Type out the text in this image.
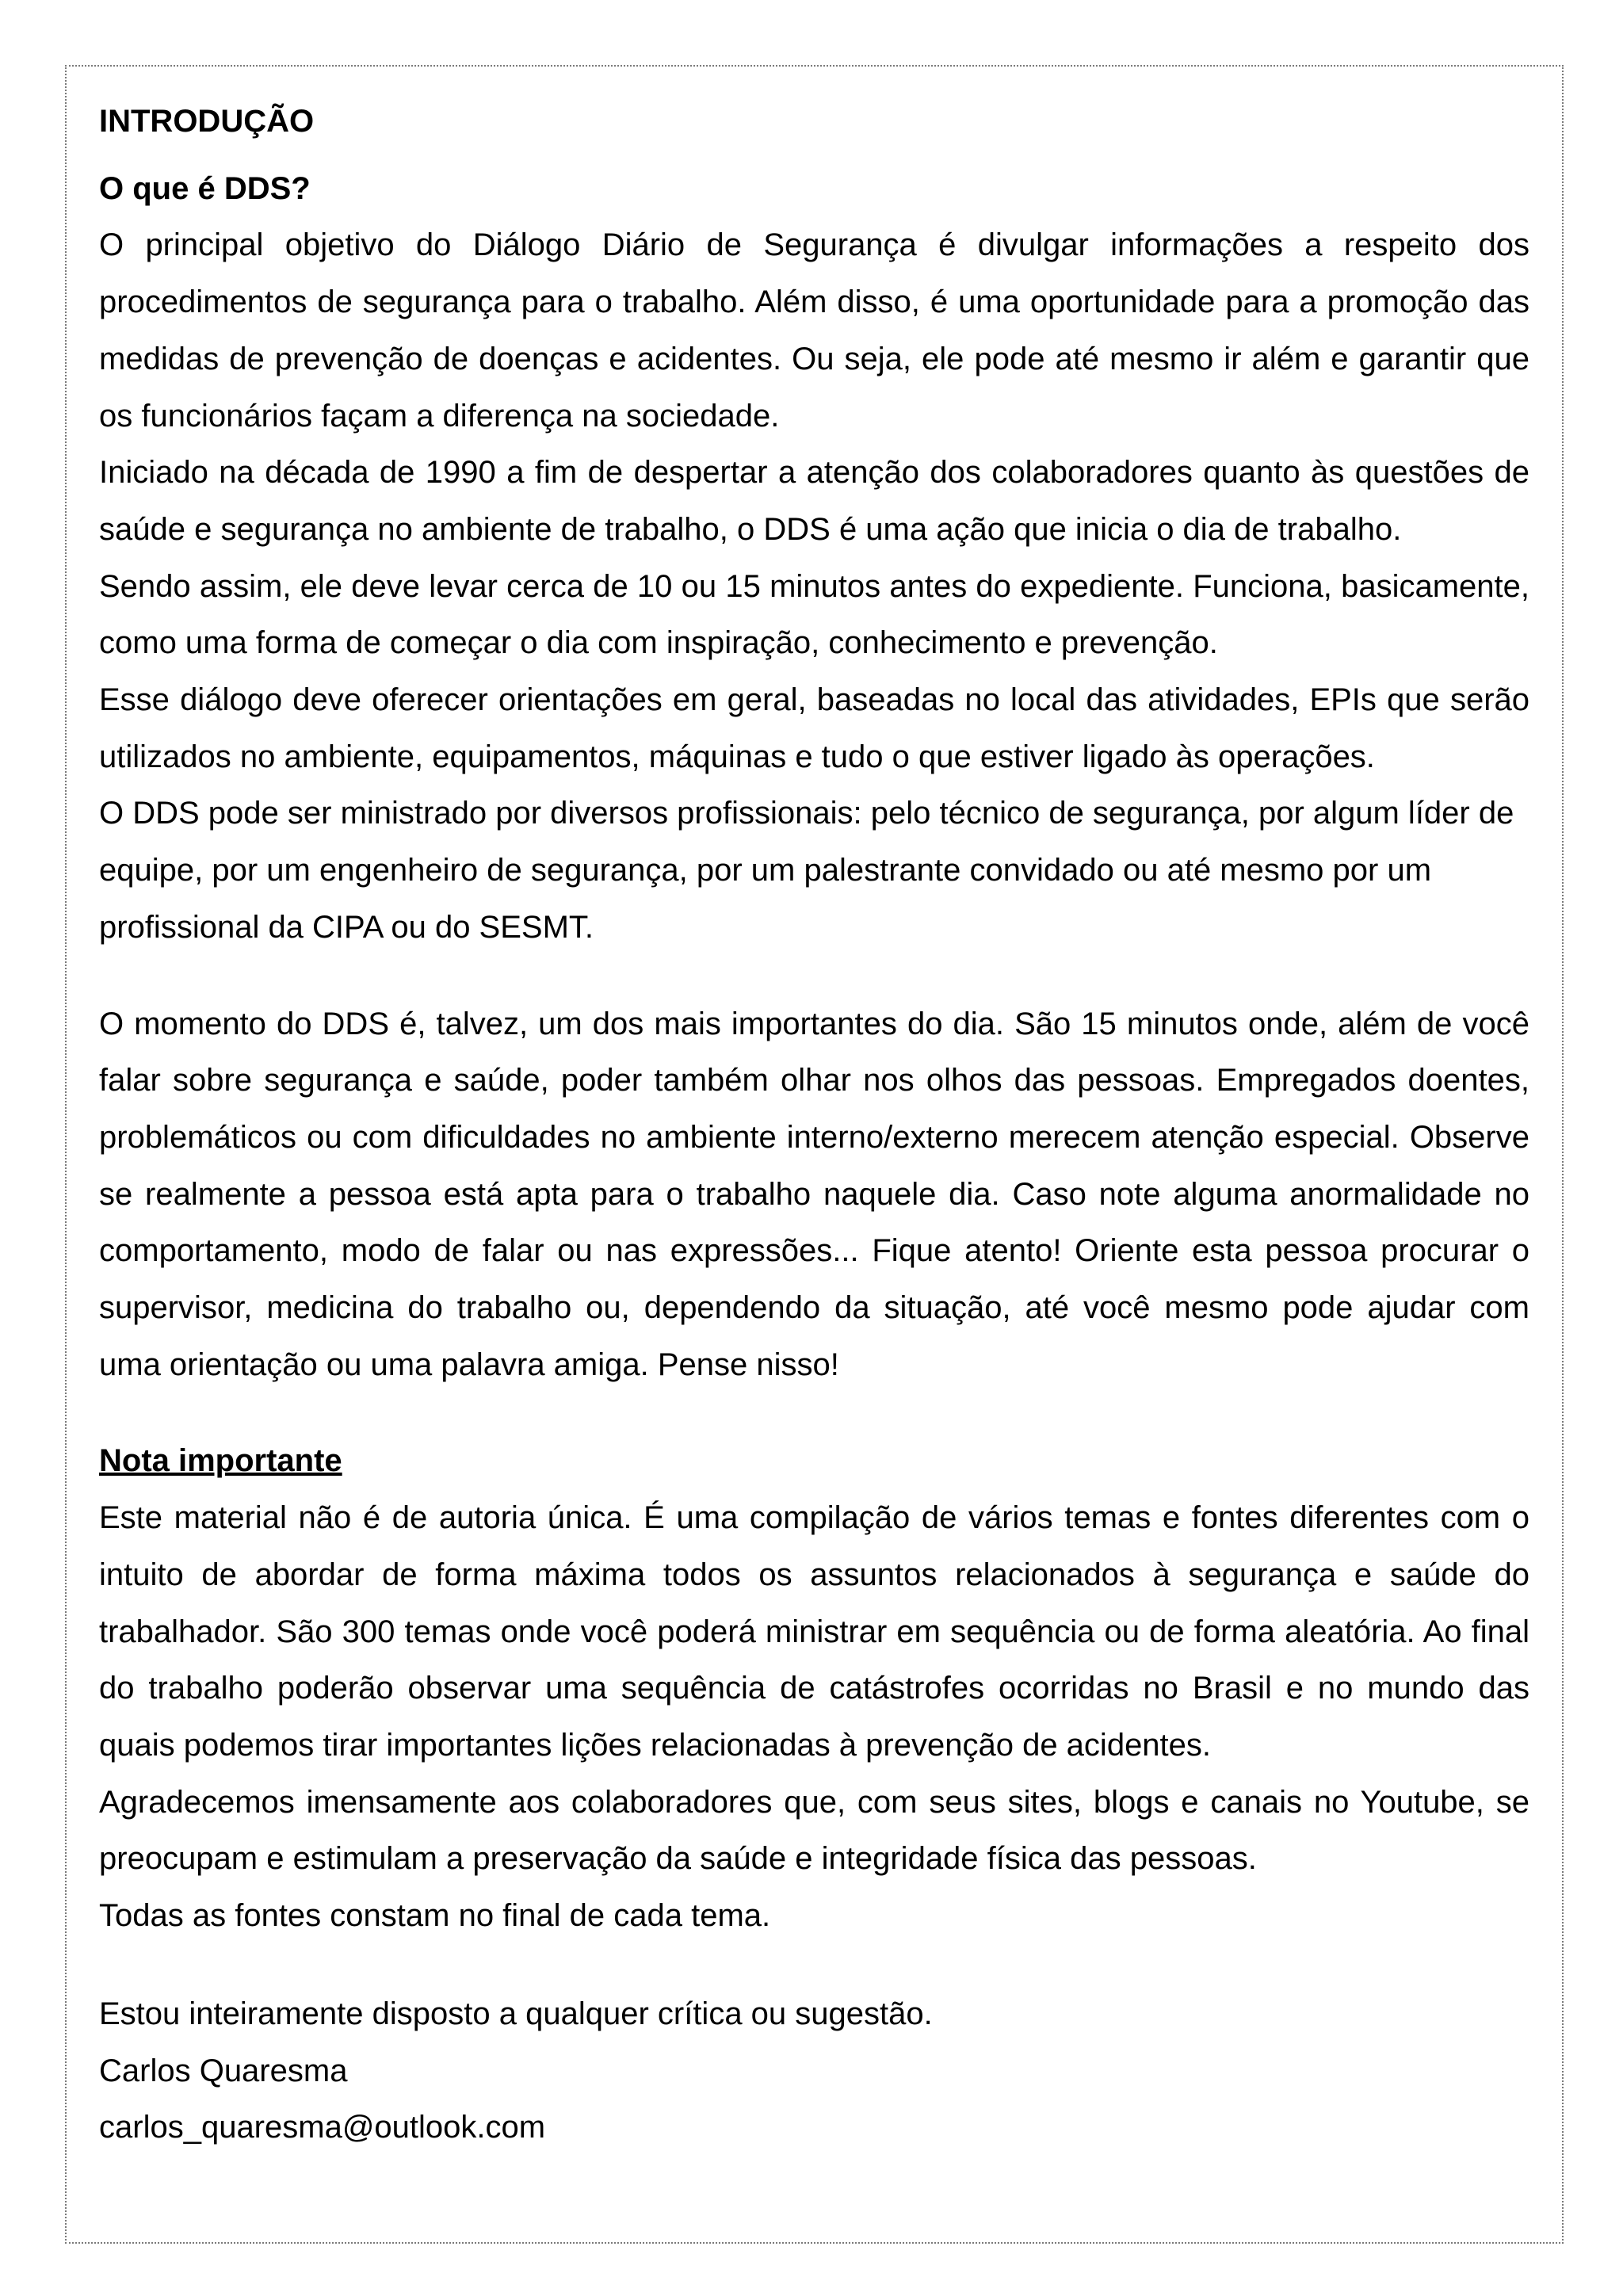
INTRODUÇÃO

O que é DDS?

O principal objetivo do Diálogo Diário de Segurança é divulgar informações a respeito dos procedimentos de segurança para o trabalho. Além disso, é uma oportunidade para a promoção das medidas de prevenção de doenças e acidentes. Ou seja, ele pode até mesmo ir além e garantir que os funcionários façam a diferença na sociedade.

Iniciado na década de 1990 a fim de despertar a atenção dos colaboradores quanto às questões de saúde e segurança no ambiente de trabalho, o DDS é uma ação que inicia o dia de trabalho.

Sendo assim, ele deve levar cerca de 10 ou 15 minutos antes do expediente. Funciona, basicamente, como uma forma de começar o dia com inspiração, conhecimento e prevenção.

Esse diálogo deve oferecer orientações em geral, baseadas no local das atividades, EPIs que serão utilizados no ambiente, equipamentos, máquinas e tudo o que estiver ligado às operações.

O DDS pode ser ministrado por diversos profissionais: pelo técnico de segurança, por algum líder de equipe, por um engenheiro de segurança, por um palestrante convidado ou até mesmo por um profissional da CIPA ou do SESMT.

O momento do DDS é, talvez, um dos mais importantes do dia. São 15 minutos onde, além de você falar sobre segurança e saúde, poder também olhar nos olhos das pessoas. Empregados doentes, problemáticos ou com dificuldades no ambiente interno/externo merecem atenção especial. Observe se realmente a pessoa está apta para o trabalho naquele dia. Caso note alguma anormalidade no comportamento, modo de falar ou nas expressões... Fique atento! Oriente esta pessoa procurar o supervisor, medicina do trabalho ou, dependendo da situação, até você mesmo pode ajudar com uma orientação ou uma palavra amiga. Pense nisso!

Nota importante

Este material não é de autoria única. É uma compilação de vários temas e fontes diferentes com o intuito de abordar de forma máxima todos os assuntos relacionados à segurança e saúde do trabalhador. São 300 temas onde você poderá ministrar em sequência ou de forma aleatória. Ao final do trabalho poderão observar uma sequência de catástrofes ocorridas no Brasil e no mundo das quais podemos tirar importantes lições relacionadas à prevenção de acidentes.

Agradecemos imensamente aos colaboradores que, com seus sites, blogs e canais no Youtube, se preocupam e estimulam a preservação da saúde e integridade física das pessoas.

Todas as fontes constam no final de cada tema.

Estou inteiramente disposto a qualquer crítica ou sugestão.

Carlos Quaresma

carlos_quaresma@outlook.com
